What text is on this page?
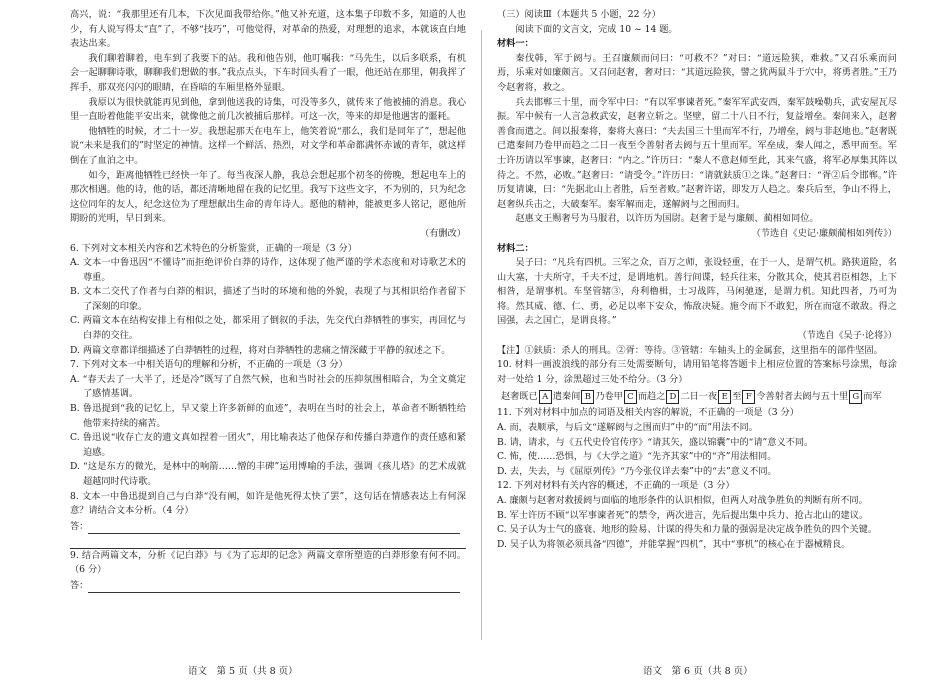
高兴，说：“我那里还有几本，下次见面我带给你。”他又补充道，这本集子印数不多，知道的人也少，有人说写得太“直”了，不够“技巧”，可他觉得，对革命的热爱，对理想的追求，本就该直白地表达出来。

我们聊着聊着，电车到了我要下的站。我和他告别，他叮嘱我：“马先生，以后多联系，有机会一起聊聊诗歌，聊聊我们想做的事。”我点点头，下车时回头看了一眼，他还站在那里，朝我挥了挥手，那双亮闪闪的眼睛，在昏暗的车厢里格外显眼。

我原以为很快就能再见到他，拿到他送我的诗集，可没等多久，就传来了他被捕的消息。我心里一直盼着他能平安出来，就像他之前几次被捕后那样。可这一次，等来的却是他遇害的噩耗。

他牺牲的时候，才二十一岁。我想起那天在电车上，他笑着说“那么，我们是同年了”，想起他说“未来是我们的”时坚定的神情。这样一个鲜活、热烈，对文学和革命都满怀赤诚的青年，就这样倒在了血泊之中。

如今，距离他牺牲已经快一年了。每当夜深人静，我总会想起那个初冬的傍晚，想起电车上的那次相遇。他的诗，他的话，都还清晰地留在我的记忆里。我写下这些文字，不为别的，只为纪念这位同年的友人，纪念这位为了理想献出生命的青年诗人。愿他的精神，能被更多人铭记，愿他所期盼的光明，早日到来。

（有删改）

6. 下列对文本相关内容和艺术特色的分析鉴赏，正确的一项是（3 分）

A. 文本一中鲁迅因“不懂诗”而拒绝评价白莽的诗作，这体现了他严谨的学术态度和对诗歌艺术的尊重。

B. 文本二交代了作者与白莽的相识，描述了当时的环境和他的外貌，表现了与其相识给作者留下了深刻的印象。

C. 两篇文本在结构安排上有相似之处，都采用了倒叙的手法，先交代白莽牺牲的事实，再回忆与白莽的交往。

D. 两篇文章都详细描述了白莽牺牲的过程，将对白莽牺牲的悲痛之情深藏于平静的叙述之下。

7. 下列对文本一中相关语句的理解和分析，不正确的一项是（3 分）

A. “春天去了一大半了，还是冷”既写了自然气候，也和当时社会的压抑氛围相暗合，为全文奠定了感情基调。

B. 鲁迅提到“我的记忆上，早又蒙上许多新鲜的血迹”，表明在当时的社会上，革命者不断牺牲给他带来持续的痛苦。

C. 鲁迅说“收存亡友的遗文真如捏着一团火”，用比喻表达了他保存和传播白莽遗作的责任感和紧迫感。

D. “这是东方的微光，是林中的响箭……憎的丰碑”运用博喻的手法，强调《孩儿塔》的艺术成就超越同时代诗歌。

8. 文本一中鲁迅提到自己与白莽“没有阐，如许是他死得太快了罢”，这句话在情感表达上有何深意？请结合文本分析。（4 分）

答：

9. 结合两篇文本，分析《记白莽》与《为了忘却的记念》两篇文章所塑造的白莽形象有何不同。（6 分）

答：

（三）阅读Ⅲ（本题共 5 小题，22 分）

阅读下面的文言文，完成 10 ~ 14 题。

材料一：

秦伐韩，军于阏与。王召廉颇而问曰：“可救不？”对曰：“道远险狭，难救。”又召乐乘而问焉，乐乘对如廉颇言。又召问赵奢，奢对曰：“其道远险狭，譬之犹两鼠斗于穴中，将勇者胜。”王乃令赵奢将，救之。

兵去邯郸三十里，而令军中曰：“有以军事谏者死。”秦军军武安西，秦军鼓噪勒兵，武安屋瓦尽振。军中候有一人言急救武安，赵奢立斩之。坚壁，留二十八日不行，复益增垒。秦间来入，赵奢善食而遣之。间以报秦将，秦将大喜曰：“夫去国三十里而军不行，乃增垒，阏与非赵地也。”赵奢既已遣秦间乃卷甲而趋之二日一夜至令善射者去阏与五十里而军。军垒成，秦人闻之，悉甲而至。军士许历请以军事谏，赵奢曰：“内之。”许历曰：“秦人不意赵师至此，其来气盛，将军必厚集其阵以待之。不然，必败。”赵奢曰：“请受令。”许历曰：“请就鈇质①之诛。”赵奢曰：“胥②后令邯郸。”许历复请谏，曰：“先据北山上者胜，后至者败。”赵奢许诺，即发万人趋之。秦兵后至，争山不得上，赵奢纵兵击之，大破秦军。秦军解而走，遂解阏与之围而归。

赵惠文王赐奢号为马服君，以许历为国尉。赵奢于是与廉颇、蔺相如同位。

（节选自《史记·廉颇蔺相如列传》）

材料二：

吴子曰：“凡兵有四机。三军之众，百万之师，张设轻重，在于一人，是谓气机。路狭道险，名山大塞，十夫所守，千夫不过，是谓地机。善行间谍，轻兵往来，分散其众，使其君臣相怨，上下相咎，是谓事机。车坚管辖③，舟利橹楫，士习战阵，马闲驰逐，是谓力机。知此四者，乃可为将。然其威、德、仁、勇，必足以率下安众，怖敌决疑。施令而下不敢犯，所在而寇不敢敌。得之国强，去之国亡，是谓良将。”

（节选自《吴子·论将》）

【注】①鈇质：杀人的刑具。②胥：等待。③管辖：车轴头上的金属套，这里指车的部件坚固。

10. 材料一画波浪线的部分有三处需要断句，请用铅笔将答题卡上相应位置的答案标号涂黑，每涂对一处给 1 分，涂黑超过三处不给分。（3 分）

赵奢既已 A 遣秦间 B 乃卷甲 C 而趋之 D 二日一夜 E 至 F 令善射者去阏与五十里 G 而军

11. 下列对材料中加点的词语及相关内容的解说，不正确的一项是（3 分）

A. 而，表顺承，与后文“遂解阏与之围而归”中的“而”用法不同。

B. 请，请求，与《五代史伶官传序》“请其矢，盛以锦囊”中的“请”意义不同。

C. 怖，使……恐惧，与《大学之道》“先齐其家”中的“齐”用法相同。

D. 去，失去，与《屈原列传》“乃今张仪详去秦”中的“去”意义不同。

12. 下列对材料有关内容的概述，不正确的一项是（3 分）

A. 廉颇与赵奢对救援阏与面临的地形条件的认识相似，但两人对战争胜负的判断有所不同。

B. 军士许历不顾“以军事谏者死”的禁令，两次进言，先后提出集中兵力、抢占北山的建议。

C. 吴子认为士气的盛衰、地形的险易、计谋的得失和力量的强弱是决定战争胜负的四个关键。

D. 吴子认为将领必须具备“四德”，并能掌握“四机”，其中“事机”的核心在于器械精良。

语文　第 5 页（共 8 页）	语文　第 6 页（共 8 页）
